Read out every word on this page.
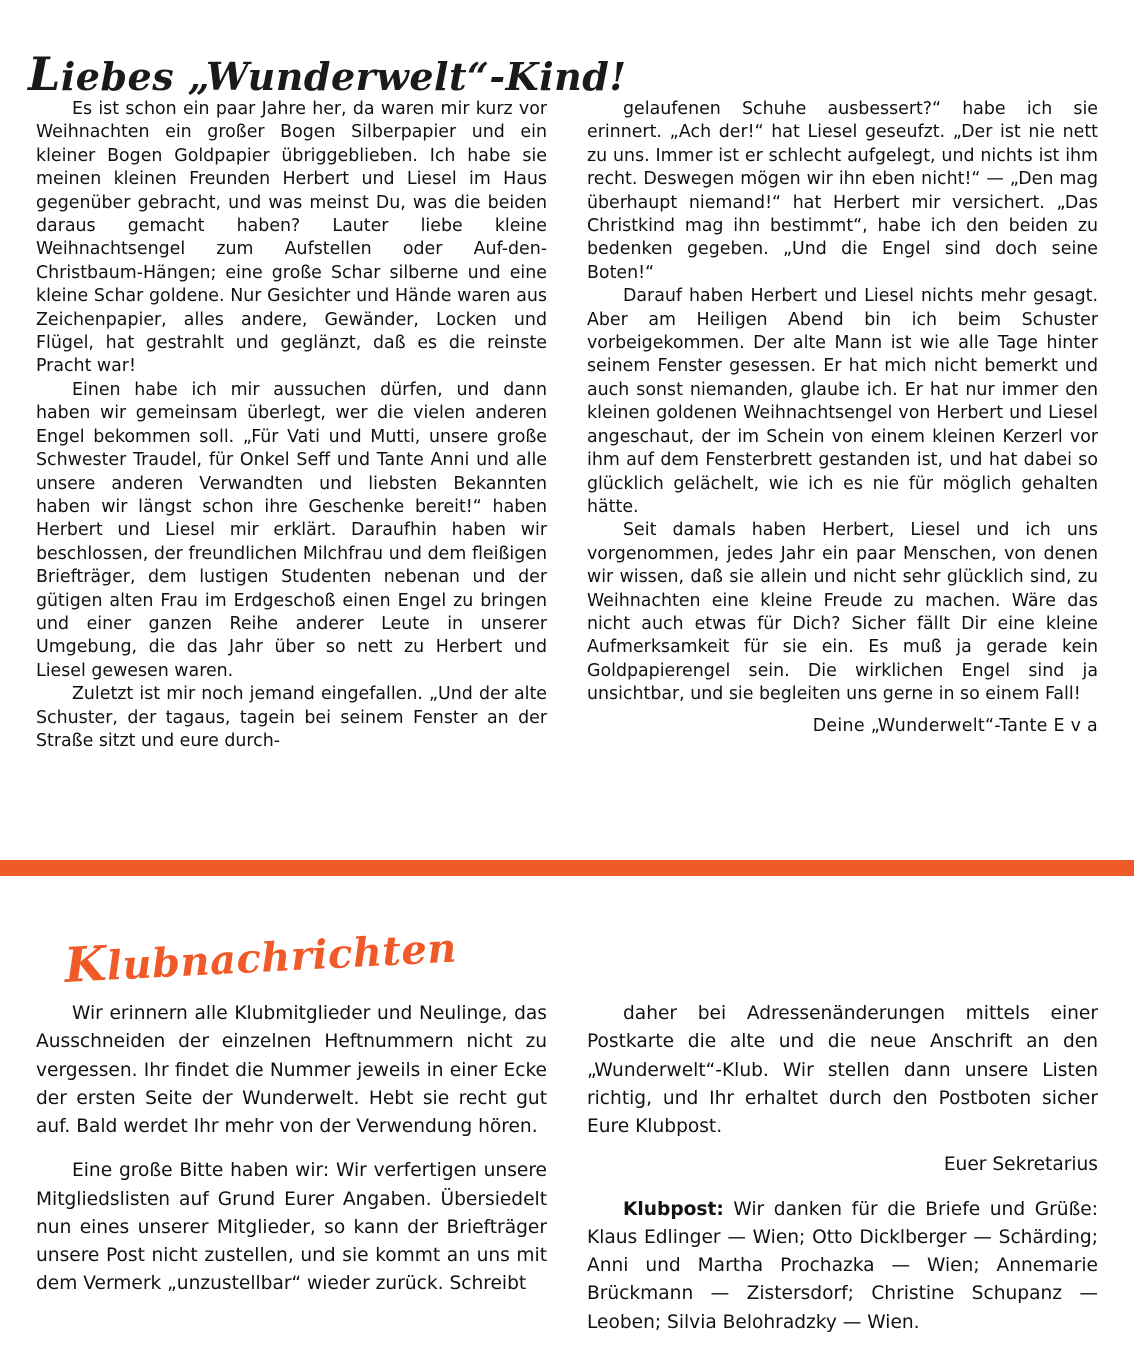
Liebes „Wunderwelt“-Kind!

Es ist schon ein paar Jahre her, da waren mir kurz vor Weihnachten ein großer Bogen Silberpapier und ein kleiner Bogen Goldpapier übriggeblieben. Ich habe sie meinen kleinen Freunden Herbert und Liesel im Haus gegenüber gebracht, und was meinst Du, was die beiden daraus gemacht haben? Lauter liebe kleine Weihnachtsengel zum Aufstellen oder Auf-den-Christbaum-Hängen; eine große Schar silberne und eine kleine Schar goldene. Nur Gesichter und Hände waren aus Zeichenpapier, alles andere, Gewänder, Locken und Flügel, hat gestrahlt und geglänzt, daß es die reinste Pracht war!

Einen habe ich mir aussuchen dürfen, und dann haben wir gemeinsam überlegt, wer die vielen anderen Engel bekommen soll. „Für Vati und Mutti, unsere große Schwester Traudel, für Onkel Seff und Tante Anni und alle unsere anderen Verwandten und liebsten Bekannten haben wir längst schon ihre Geschenke bereit!“ haben Herbert und Liesel mir erklärt. Daraufhin haben wir beschlossen, der freundlichen Milchfrau und dem fleißigen Briefträger, dem lustigen Studenten nebenan und der gütigen alten Frau im Erdgeschoß einen Engel zu bringen und einer ganzen Reihe anderer Leute in unserer Umgebung, die das Jahr über so nett zu Herbert und Liesel gewesen waren.

Zuletzt ist mir noch jemand eingefallen. „Und der alte Schuster, der tagaus, tagein bei seinem Fenster an der Straße sitzt und eure durch-

gelaufenen Schuhe ausbessert?“ habe ich sie erinnert. „Ach der!“ hat Liesel geseufzt. „Der ist nie nett zu uns. Immer ist er schlecht aufgelegt, und nichts ist ihm recht. Deswegen mögen wir ihn eben nicht!“ — „Den mag überhaupt niemand!“ hat Herbert mir versichert. „Das Christkind mag ihn bestimmt“, habe ich den beiden zu bedenken gegeben. „Und die Engel sind doch seine Boten!“

Darauf haben Herbert und Liesel nichts mehr gesagt. Aber am Heiligen Abend bin ich beim Schuster vorbeigekommen. Der alte Mann ist wie alle Tage hinter seinem Fenster gesessen. Er hat mich nicht bemerkt und auch sonst niemanden, glaube ich. Er hat nur immer den kleinen goldenen Weihnachtsengel von Herbert und Liesel angeschaut, der im Schein von einem kleinen Kerzerl vor ihm auf dem Fensterbrett gestanden ist, und hat dabei so glücklich gelächelt, wie ich es nie für möglich gehalten hätte.

Seit damals haben Herbert, Liesel und ich uns vorgenommen, jedes Jahr ein paar Menschen, von denen wir wissen, daß sie allein und nicht sehr glücklich sind, zu Weihnachten eine kleine Freude zu machen. Wäre das nicht auch etwas für Dich? Sicher fällt Dir eine kleine Aufmerksamkeit für sie ein. Es muß ja gerade kein Goldpapierengel sein. Die wirklichen Engel sind ja unsichtbar, und sie begleiten uns gerne in so einem Fall!

Deine „Wunderwelt“-Tante E v a

Klubnachrichten

Wir erinnern alle Klubmitglieder und Neulinge, das Ausschneiden der einzelnen Heftnummern nicht zu vergessen. Ihr findet die Nummer jeweils in einer Ecke der ersten Seite der Wunderwelt. Hebt sie recht gut auf. Bald werdet Ihr mehr von der Verwendung hören.

Eine große Bitte haben wir: Wir verfertigen unsere Mitgliedslisten auf Grund Eurer Angaben. Übersiedelt nun eines unserer Mitglieder, so kann der Briefträger unsere Post nicht zustellen, und sie kommt an uns mit dem Vermerk „unzustellbar“ wieder zurück. Schreibt

daher bei Adressenänderungen mittels einer Postkarte die alte und die neue Anschrift an den „Wunderwelt“-Klub. Wir stellen dann unsere Listen richtig, und Ihr erhaltet durch den Postboten sicher Eure Klubpost.

Euer Sekretarius

Klubpost: Wir danken für die Briefe und Grüße: Klaus Edlinger — Wien; Otto Dicklberger — Schärding; Anni und Martha Prochazka — Wien; Annemarie Brückmann — Zistersdorf; Christine Schupanz — Leoben; Silvia Belohradzky — Wien.
